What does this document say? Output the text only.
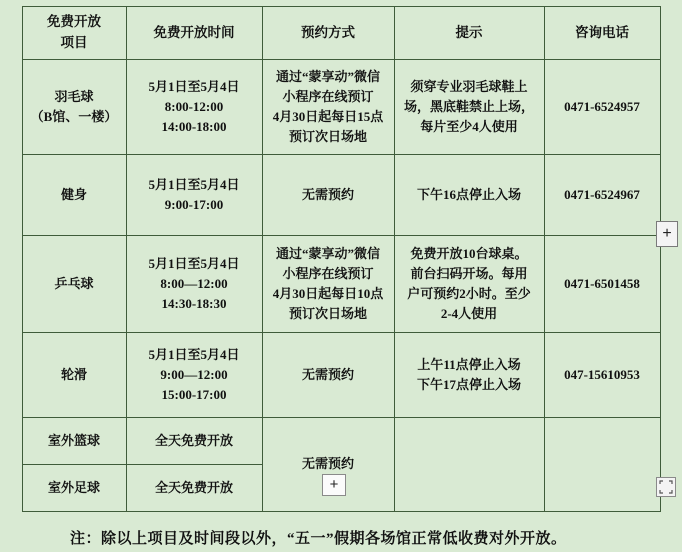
免费开放
项目	免费开放时间	预约方式	提示	咨询电话

羽毛球
（B馆、一楼）	5月1日至5月4日
8:00-12:00
14:00-18:00	通过“蒙享动”微信
小程序在线预订
4月30日起每日15点
预订次日场地	须穿专业羽毛球鞋上
场，黑底鞋禁止上场，
每片至少4人使用	0471-6524957

健身	5月1日至5月4日
9:00-17:00	无需预约	下午16点停止入场	0471-6524967

乒乓球	5月1日至5月4日
8:00—12:00
14:30-18:30	通过“蒙享动”微信
小程序在线预订
4月30日起每日10点
预订次日场地	免费开放10台球桌。
前台扫码开场。每用
户可预约2小时。至少
2-4人使用	0471-6501458

轮滑	5月1日至5月4日
9:00—12:00
15:00-17:00	无需预约	上午11点停止入场
下午17点停止入场	047-15610953

室外篮球	全天免费开放	无需预约		

室外足球	全天免费开放			

注：除以上项目及时间段以外，“五一”假期各场馆正常低收费对外开放。

+
+
